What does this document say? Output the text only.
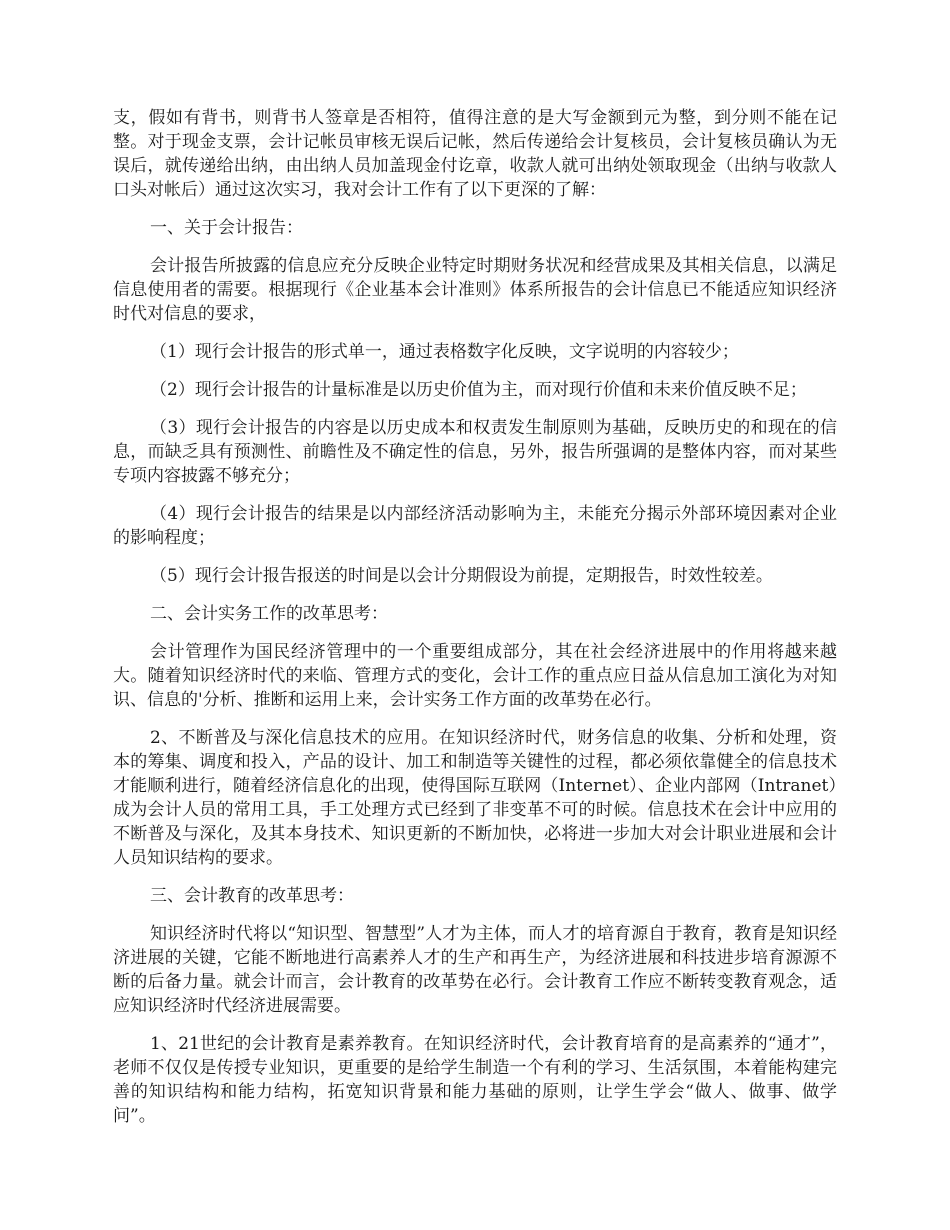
支，假如有背书，则背书人签章是否相符，值得注意的是大写金额到元为整，到分则不能在记整。对于现金支票，会计记帐员审核无误后记帐，然后传递给会计复核员，会计复核员确认为无误后，就传递给出纳，由出纳人员加盖现金付讫章，收款人就可出纳处领取现金（出纳与收款人口头对帐后）通过这次实习，我对会计工作有了以下更深的了解：

一、关于会计报告：

会计报告所披露的信息应充分反映企业特定时期财务状况和经营成果及其相关信息，以满足信息使用者的需要。根据现行《企业基本会计准则》体系所报告的会计信息已不能适应知识经济时代对信息的要求，

（1）现行会计报告的形式单一，通过表格数字化反映，文字说明的内容较少；

（2）现行会计报告的计量标准是以历史价值为主，而对现行价值和未来价值反映不足；

（3）现行会计报告的内容是以历史成本和权责发生制原则为基础，反映历史的和现在的信息，而缺乏具有预测性、前瞻性及不确定性的信息，另外，报告所强调的是整体内容，而对某些专项内容披露不够充分；

（4）现行会计报告的结果是以内部经济活动影响为主，未能充分揭示外部环境因素对企业的影响程度；

（5）现行会计报告报送的时间是以会计分期假设为前提，定期报告，时效性较差。

二、会计实务工作的改革思考：

会计管理作为国民经济管理中的一个重要组成部分，其在社会经济进展中的作用将越来越大。随着知识经济时代的来临、管理方式的变化，会计工作的重点应日益从信息加工演化为对知识、信息的'分析、推断和运用上来，会计实务工作方面的改革势在必行。

2、不断普及与深化信息技术的应用。在知识经济时代，财务信息的收集、分析和处理，资本的筹集、调度和投入，产品的设计、加工和制造等关键性的过程，都必须依靠健全的信息技术才能顺利进行，随着经济信息化的出现，使得国际互联网（Internet）、企业内部网（Intranet）成为会计人员的常用工具，手工处理方式已经到了非变革不可的时候。信息技术在会计中应用的不断普及与深化，及其本身技术、知识更新的不断加快，必将进一步加大对会计职业进展和会计人员知识结构的要求。

三、会计教育的改革思考：

知识经济时代将以“知识型、智慧型”人才为主体，而人才的培育源自于教育，教育是知识经济进展的关键，它能不断地进行高素养人才的生产和再生产，为经济进展和科技进步培育源源不断的后备力量。就会计而言，会计教育的改革势在必行。会计教育工作应不断转变教育观念，适应知识经济时代经济进展需要。

1、21世纪的会计教育是素养教育。在知识经济时代，会计教育培育的是高素养的“通才”，老师不仅仅是传授专业知识，更重要的是给学生制造一个有利的学习、生活氛围，本着能构建完善的知识结构和能力结构，拓宽知识背景和能力基础的原则，让学生学会“做人、做事、做学问”。
